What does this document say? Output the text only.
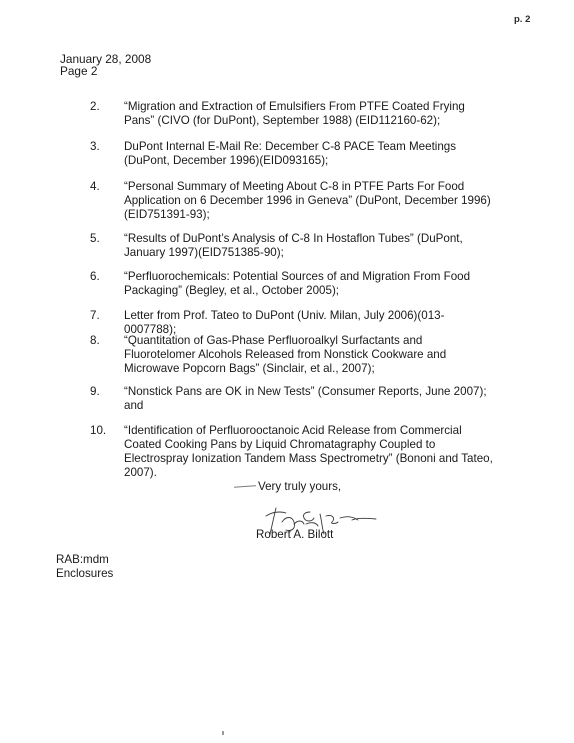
p. 2
January 28, 2008
Page 2
2.	“Migration and Extraction of Emulsifiers From PTFE Coated Frying Pans” (CIVO (for DuPont), September 1988) (EID112160-62);
3.	DuPont Internal E-Mail Re: December C-8 PACE Team Meetings (DuPont, December 1996)(EID093165);
4.	“Personal Summary of Meeting About C-8 in PTFE Parts For Food Application on 6 December 1996 in Geneva” (DuPont, December 1996)(EID751391-93);
5.	“Results of DuPont’s Analysis of C-8 In Hostaflon Tubes” (DuPont, January 1997)(EID751385-90);
6.	“Perfluorochemicals: Potential Sources of and Migration From Food Packaging” (Begley, et al., October 2005);
7.	Letter from Prof. Tateo to DuPont (Univ. Milan, July 2006)(013-0007788);
8.	“Quantitation of Gas-Phase Perfluoroalkyl Surfactants and Fluorotelomer Alcohols Released from Nonstick Cookware and Microwave Popcorn Bags” (Sinclair, et al., 2007);
9.	“Nonstick Pans are OK in New Tests” (Consumer Reports, June 2007); and
10.	“Identification of Perfluorooctanoic Acid Release from Commercial Coated Cooking Pans by Liquid Chromatagraphy Coupled to Electrospray Ionization Tandem Mass Spectrometry” (Bononi and Tateo, 2007).
Very truly yours,
Robert A. Bilott
RAB:mdm
Enclosures
